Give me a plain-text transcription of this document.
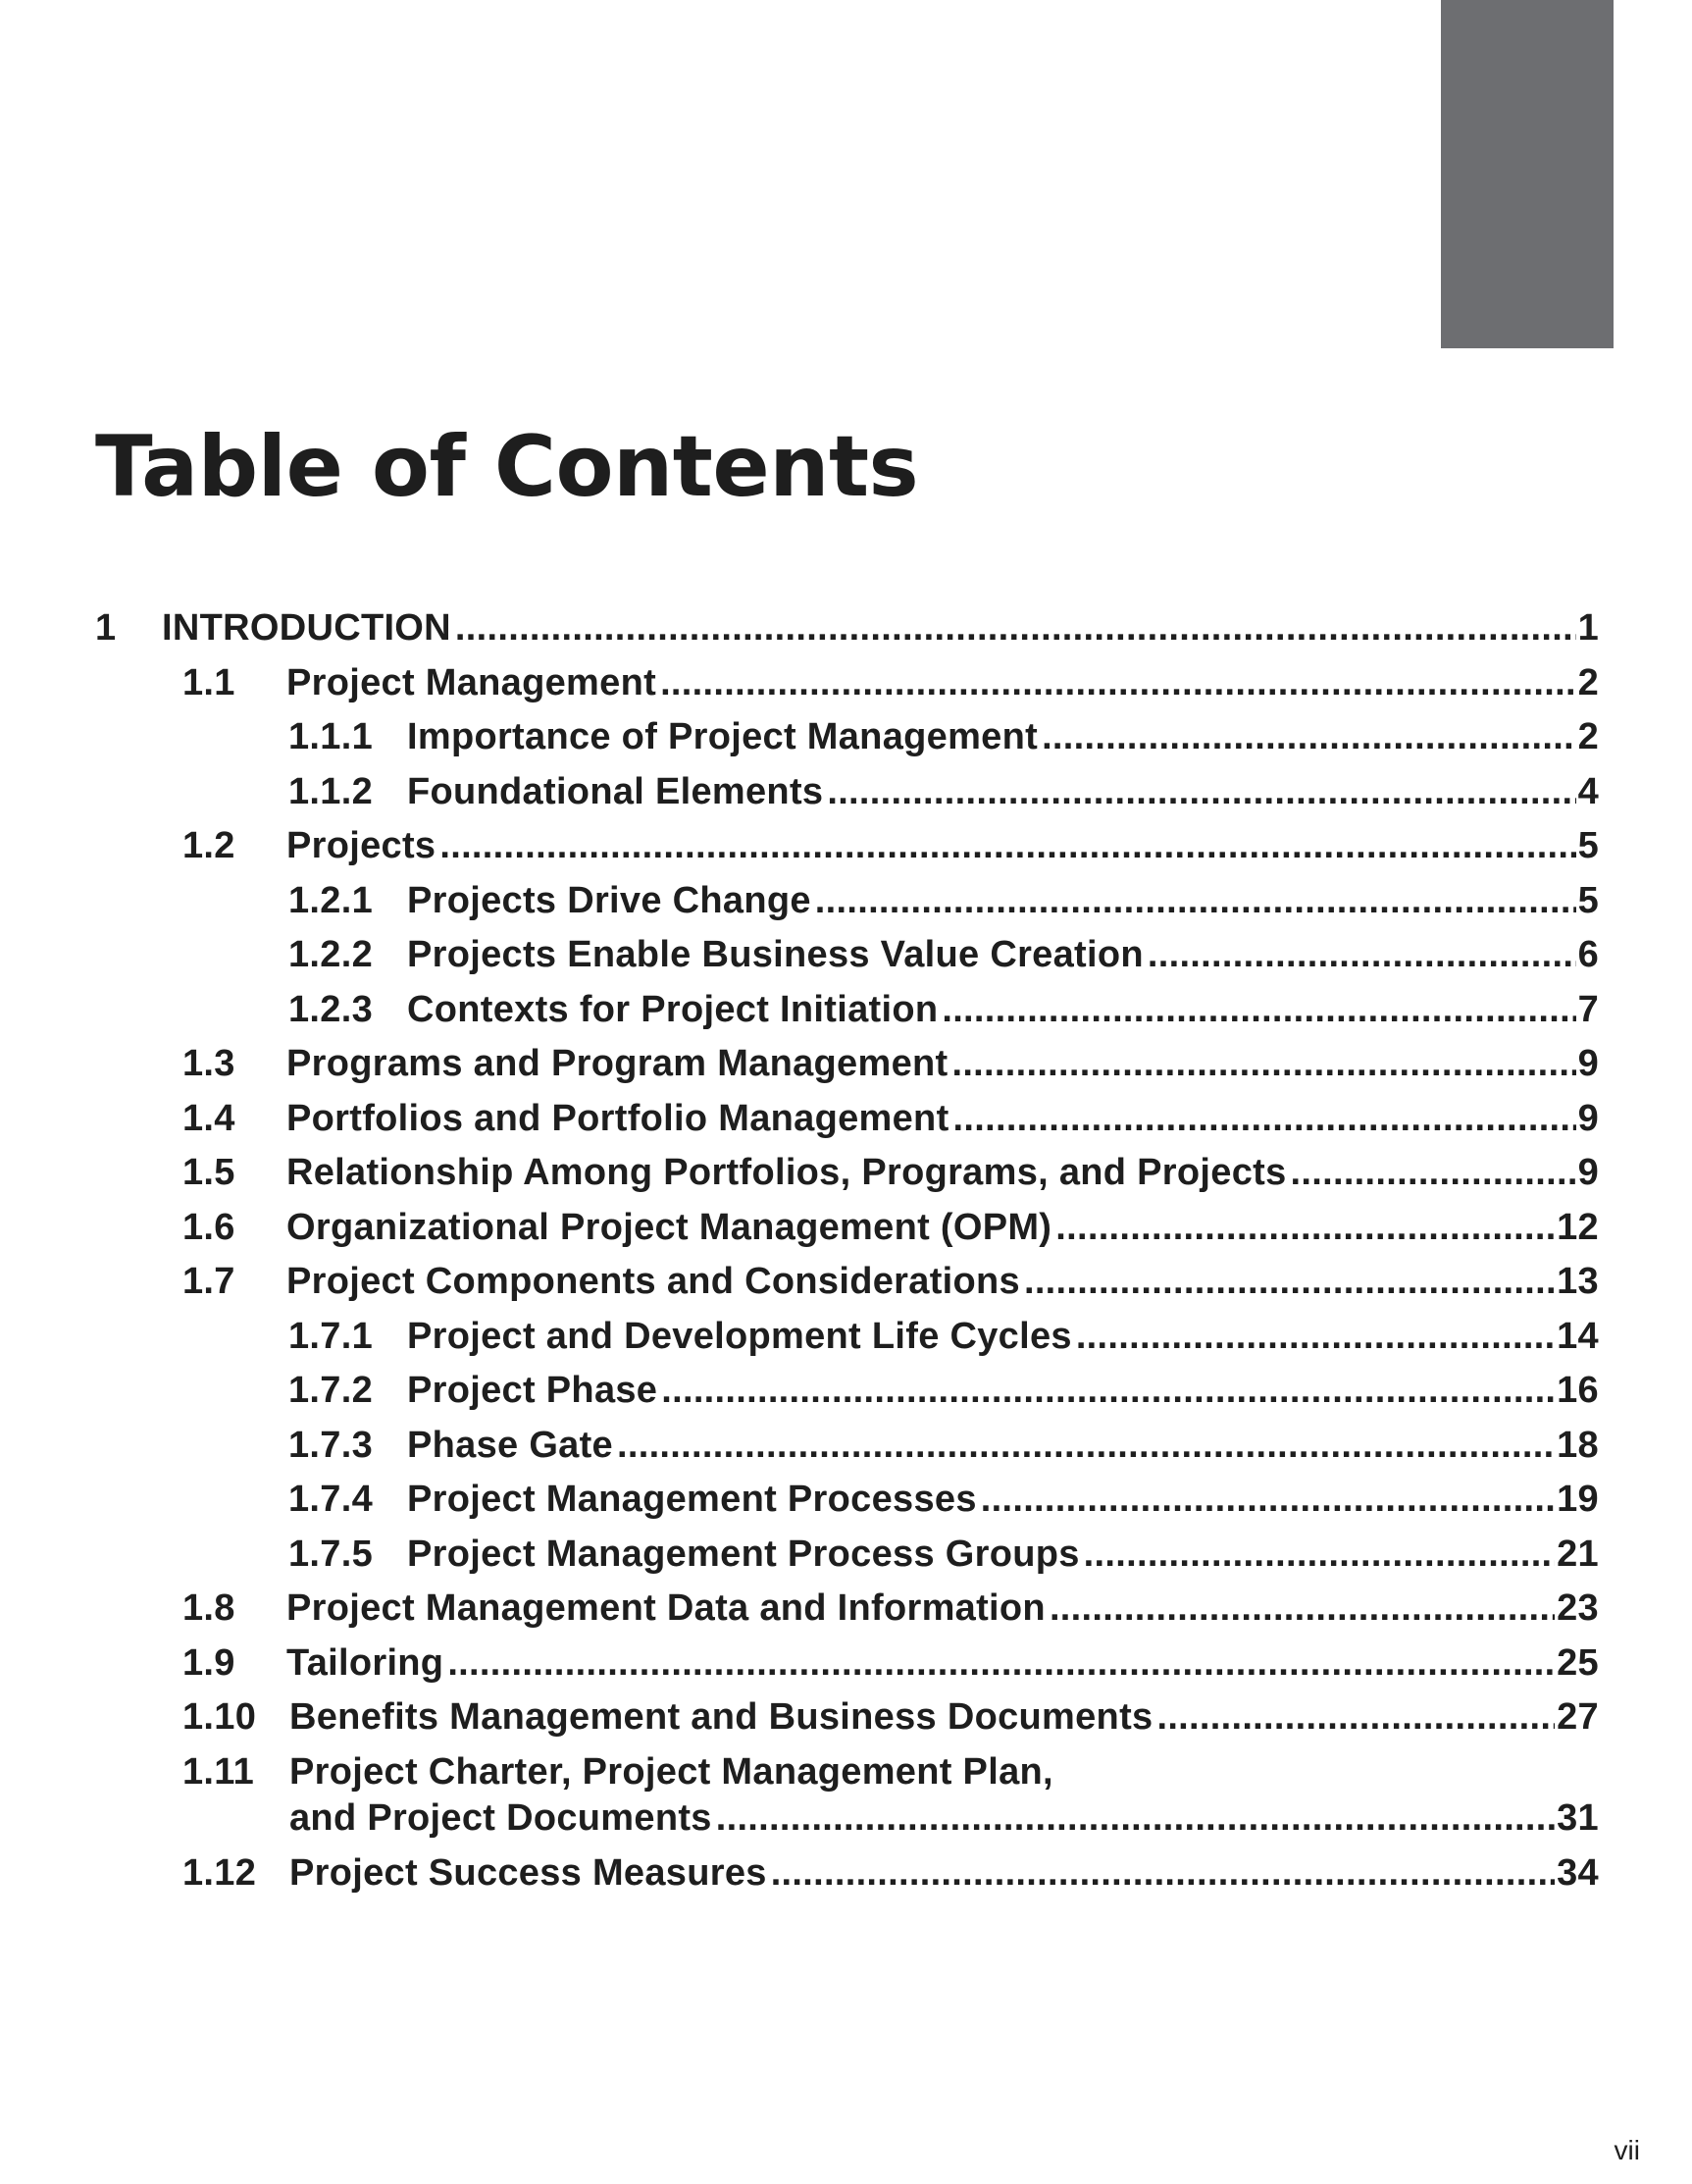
Table of Contents
1 INTRODUCTION .....	1
1.1 Project Management .....	2
1.1.1 Importance of Project Management .....	2
1.1.2 Foundational Elements .....	4
1.2 Projects .....	5
1.2.1 Projects Drive Change .....	5
1.2.2 Projects Enable Business Value Creation .....	6
1.2.3 Contexts for Project Initiation .....	7
1.3 Programs and Program Management .....	9
1.4 Portfolios and Portfolio Management .....	9
1.5 Relationship Among Portfolios, Programs, and Projects .....	9
1.6 Organizational Project Management (OPM) .....	12
1.7 Project Components and Considerations .....	13
1.7.1 Project and Development Life Cycles .....	14
1.7.2 Project Phase .....	16
1.7.3 Phase Gate .....	18
1.7.4 Project Management Processes .....	19
1.7.5 Project Management Process Groups .....	21
1.8 Project Management Data and Information .....	23
1.9 Tailoring .....	25
1.10 Benefits Management and Business Documents .....	27
1.11 Project Charter, Project Management Plan,
and Project Documents .....	31
1.12 Project Success Measures .....	34
vii
